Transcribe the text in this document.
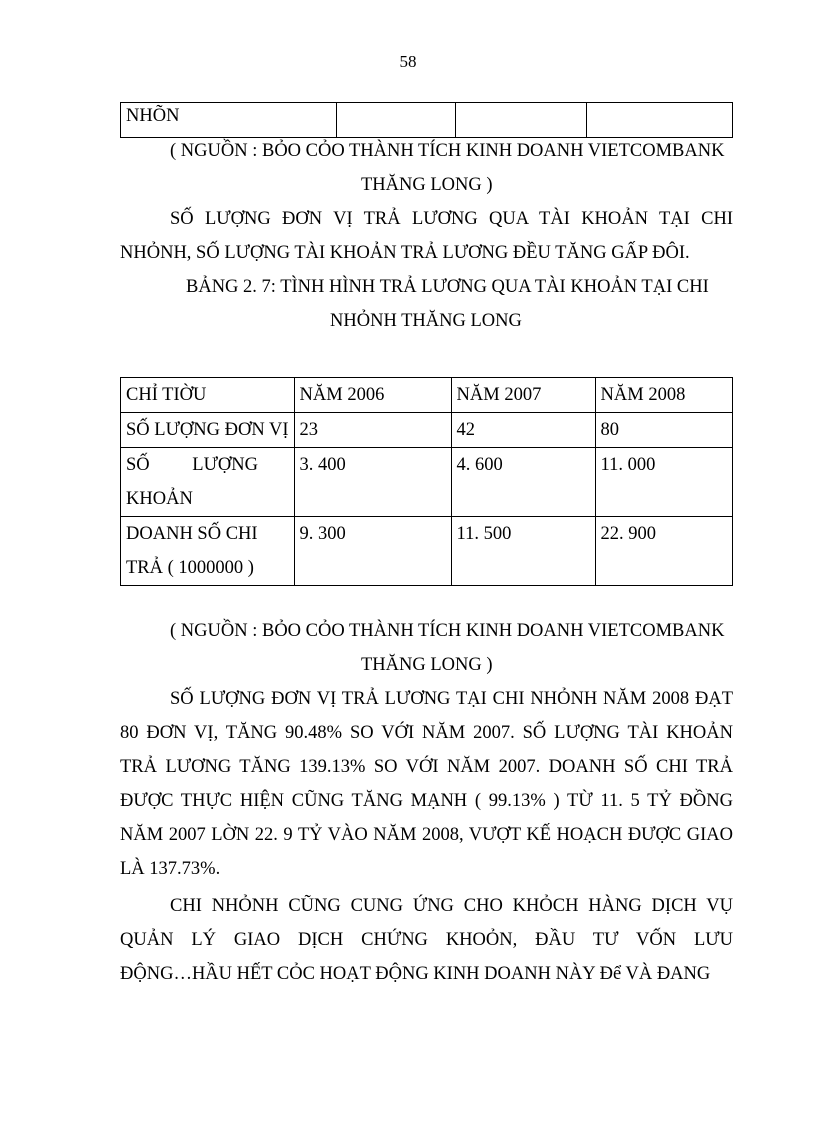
58
NHÕN			
( NGUỒN : BỎO CỎO THÀNH TÍCH KINH DOANH VIETCOMBANK
THĂNG LONG )
SỐ LƯỢNG ĐƠN VỊ TRẢ LƯƠNG QUA TÀI KHOẢN TẠI CHI
NHỎNH, SỐ LƯỢNG TÀI KHOẢN TRẢ LƯƠNG ĐỀU TĂNG GẤP ĐÔI.
BẢNG 2. 7: TÌNH HÌNH TRẢ LƯƠNG QUA TÀI KHOẢN TẠI CHI
NHỎNH THĂNG LONG
CHỈ TIỜU	NĂM 2006	NĂM 2007	NĂM 2008
SỐ LƯỢNG ĐƠN VỊ	23	42	80

SỐ LƯỢNG
KHOẢN	3. 400	4. 600	11. 000

DOANH SỐ CHI
TRẢ ( 1000000 )	9. 300	11. 500	22. 900
( NGUỒN : BỎO CỎO THÀNH TÍCH KINH DOANH VIETCOMBANK
THĂNG LONG )
SỐ LƯỢNG ĐƠN VỊ TRẢ LƯƠNG TẠI CHI NHỎNH NĂM 2008 ĐẠT
80 ĐƠN VỊ, TĂNG 90.48% SO VỚI NĂM 2007. SỐ LƯỢNG TÀI KHOẢN
TRẢ LƯƠNG TĂNG 139.13% SO VỚI NĂM 2007. DOANH SỐ CHI TRẢ
ĐƯỢC THỰC HIỆN CŨNG TĂNG MẠNH ( 99.13% ) TỪ 11. 5 TỶ ĐỒNG
NĂM 2007 LỜN 22. 9 TỶ VÀO NĂM 2008, VƯỢT KẾ HOẠCH ĐƯỢC GIAO
LÀ 137.73%.
CHI NHỎNH CŨNG CUNG ỨNG CHO KHỎCH HÀNG DỊCH VỤ
QUẢN LÝ GIAO DỊCH CHỨNG KHOỎN, ĐẦU TƯ VỐN LƯU
ĐỘNG…HẦU HẾT CỎC HOẠT ĐỘNG KINH DOANH NÀY Để VÀ ĐANG
